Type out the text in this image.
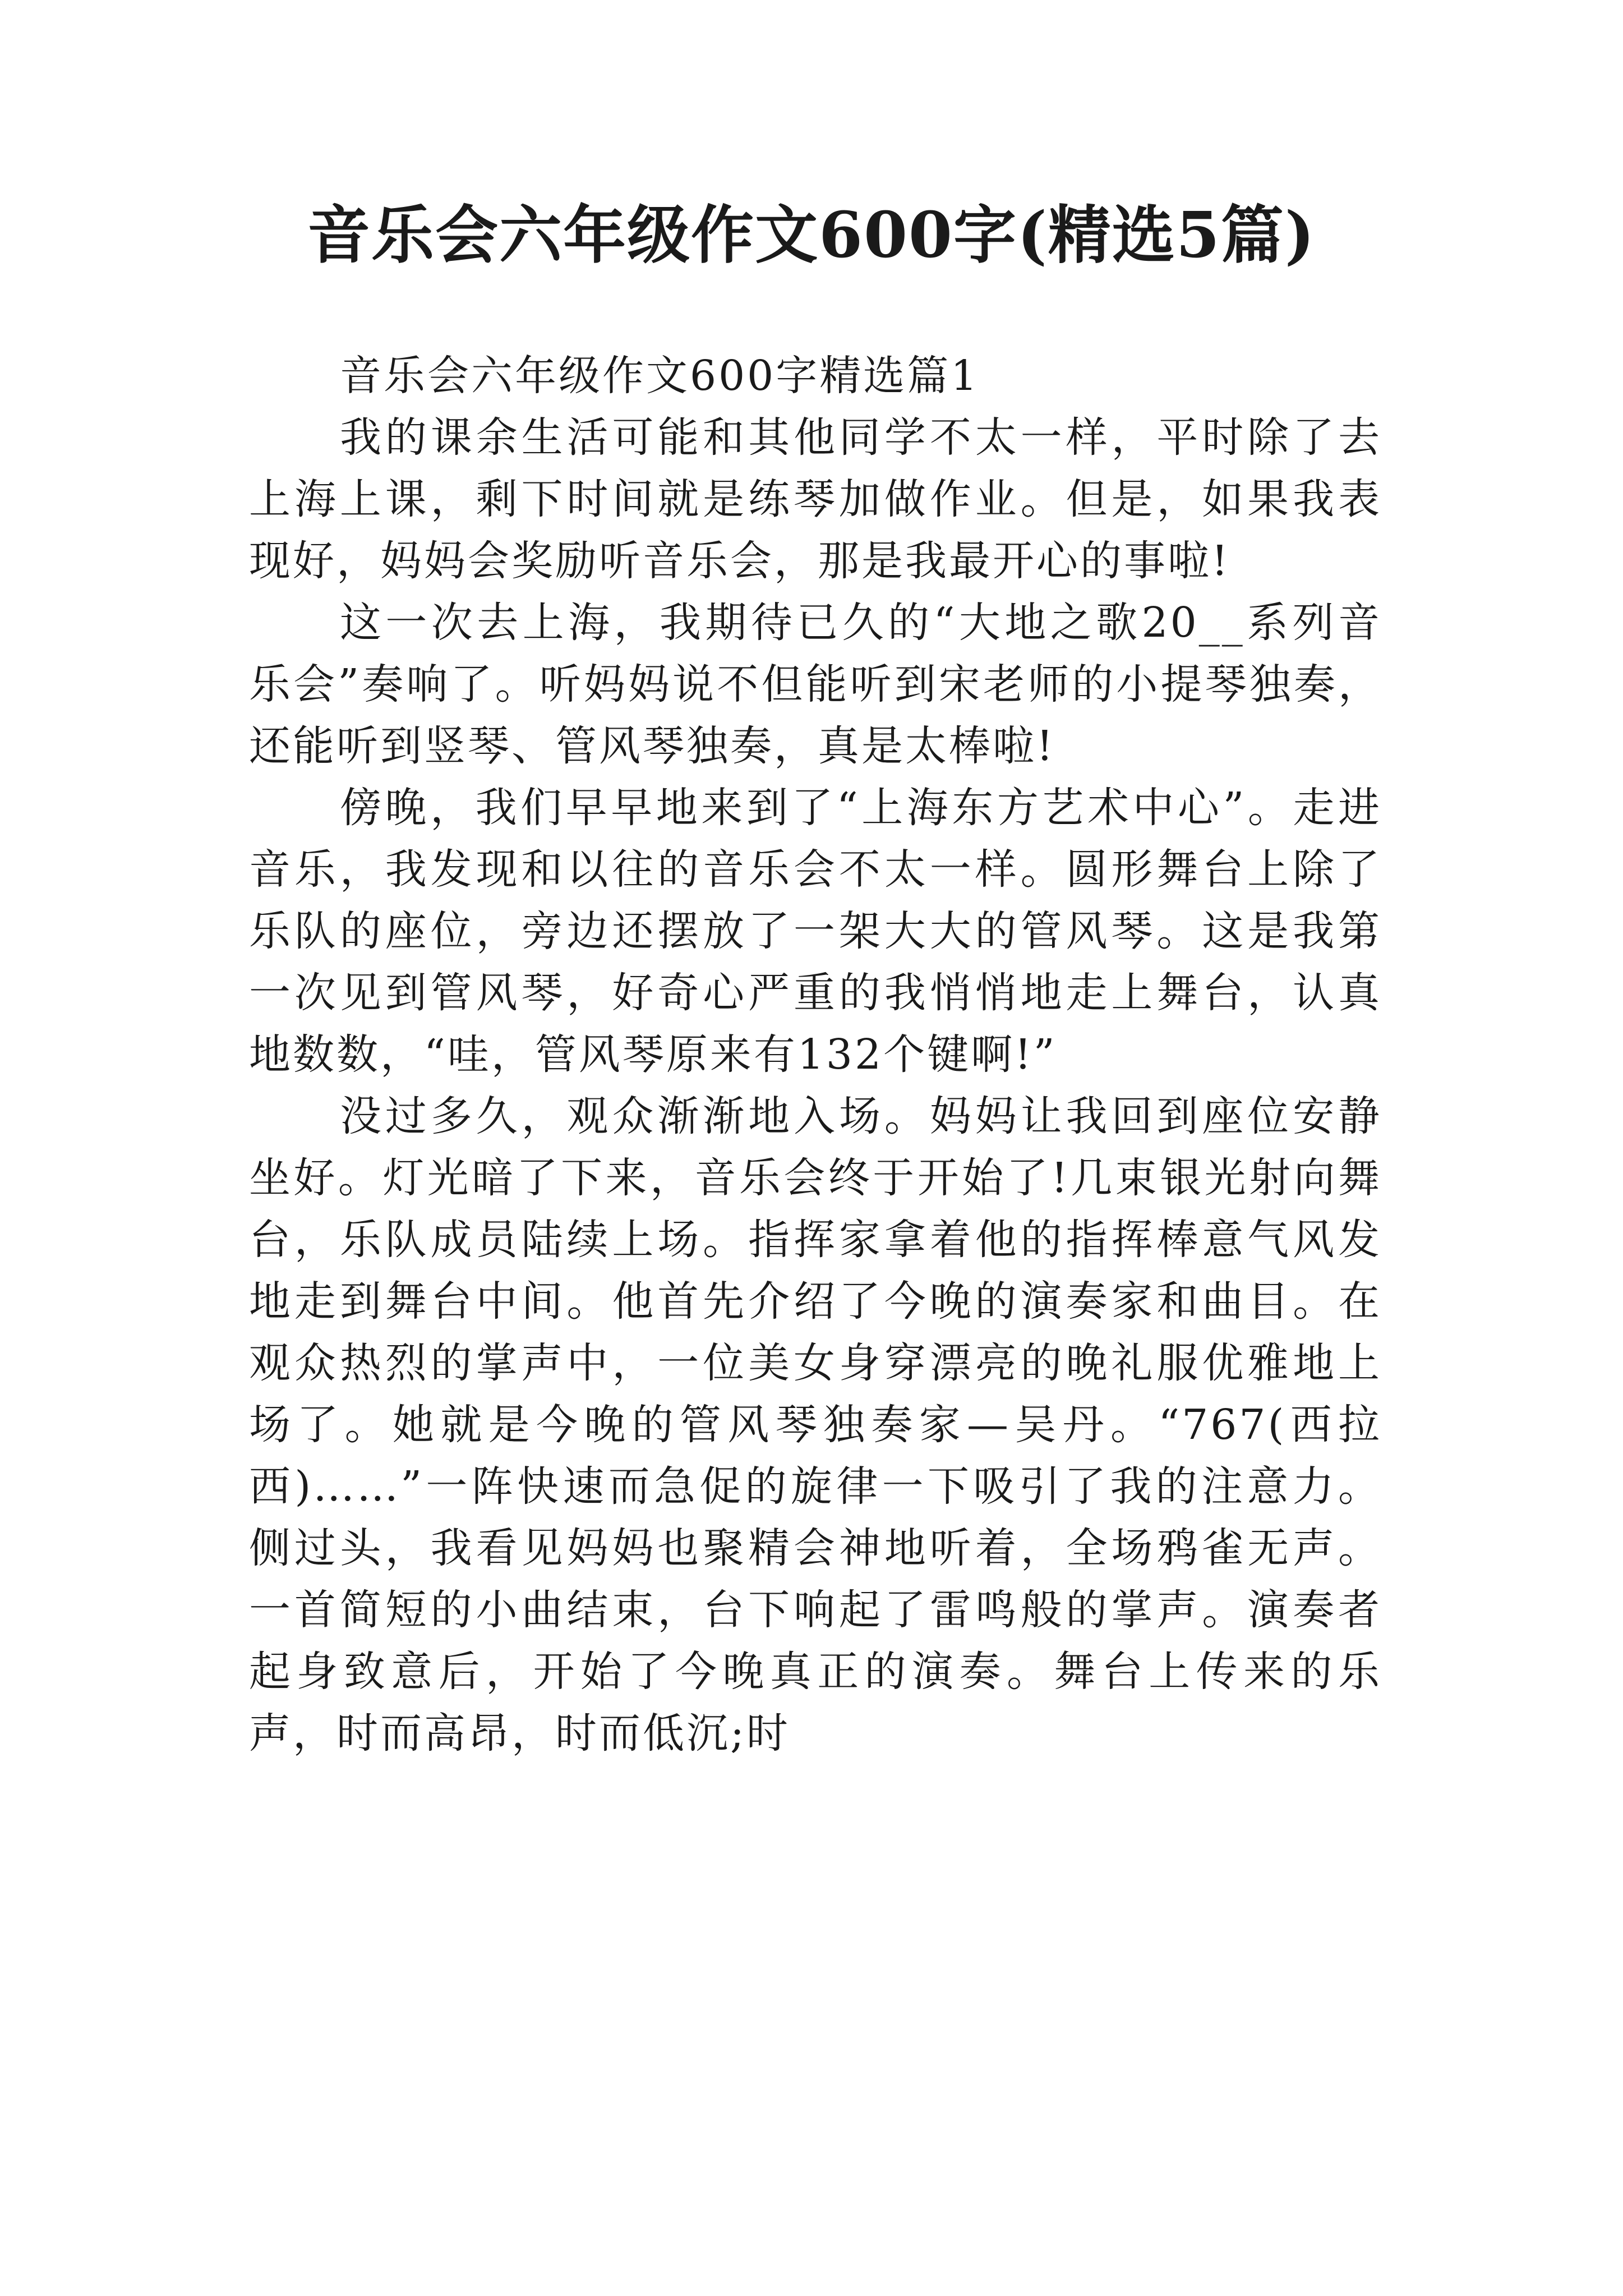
音乐会六年级作文600字(精选5篇)
音乐会六年级作文600字精选篇1

我的课余生活可能和其他同学不太一样，平时除了去上海上课，剩下时间就是练琴加做作业。但是，如果我表现好，妈妈会奖励听音乐会，那是我最开心的事啦!

这一次去上海，我期待已久的“大地之歌20__系列音乐会”奏响了。听妈妈说不但能听到宋老师的小提琴独奏，还能听到竖琴、管风琴独奏，真是太棒啦!

傍晚，我们早早地来到了“上海东方艺术中心”。走进音乐，我发现和以往的音乐会不太一样。圆形舞台上除了乐队的座位，旁边还摆放了一架大大的管风琴。这是我第一次见到管风琴，好奇心严重的我悄悄地走上舞台，认真地数数，“哇，管风琴原来有132个键啊!”

没过多久，观众渐渐地入场。妈妈让我回到座位安静坐好。灯光暗了下来，音乐会终于开始了!几束银光射向舞台，乐队成员陆续上场。指挥家拿着他的指挥棒意气风发地走到舞台中间。他首先介绍了今晚的演奏家和曲目。在观众热烈的掌声中，一位美女身穿漂亮的晚礼服优雅地上场了。她就是今晚的管风琴独奏家—吴丹。“767(西拉西)……”一阵快速而急促的旋律一下吸引了我的注意力。侧过头，我看见妈妈也聚精会神地听着，全场鸦雀无声。一首简短的小曲结束，台下响起了雷鸣般的掌声。演奏者起身致意后，开始了今晚真正的演奏。舞台上传来的乐声，时而高昂，时而低沉;时
